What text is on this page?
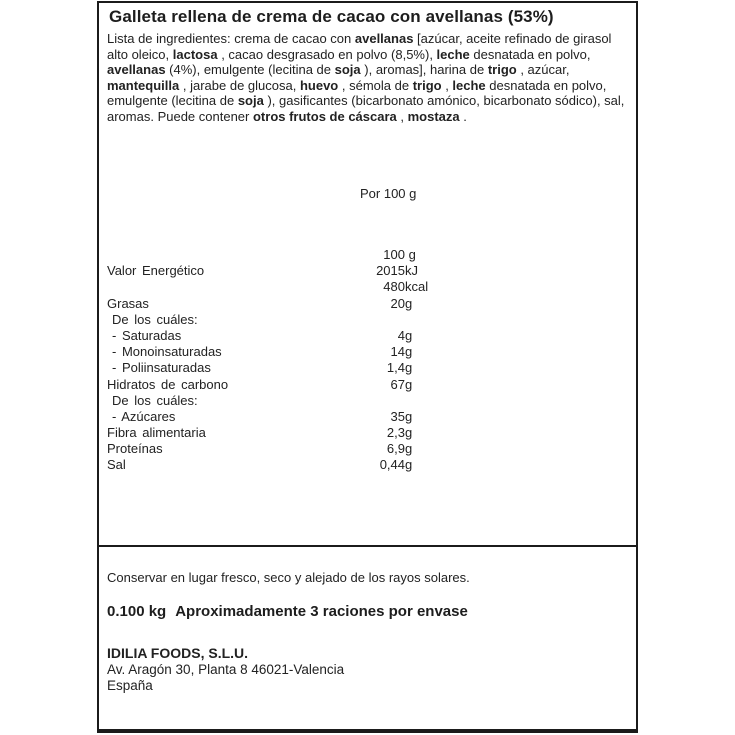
Galleta rellena de crema de cacao con avellanas (53%)

Lista de ingredientes: crema de cacao con avellanas [azúcar, aceite refinado de girasol alto oleico, lactosa , cacao desgrasado en polvo (8,5%), leche desnatada en polvo, avellanas (4%), emulgente (lecitina de soja ), aromas], harina de trigo , azúcar, mantequilla , jarabe de glucosa, huevo , sémola de trigo , leche desnatada en polvo, emulgente (lecitina de soja ), gasificantes (bicarbonato amónico, bicarbonato sódico), sal, aromas. Puede contener otros frutos de cáscara , mostaza .

Por 100 g
100 g
Valor Energético	2015kJ
480kcal
Grasas	20g
De los cuáles:
- Saturadas	4g
- Monoinsaturadas	14g
- Poliinsaturadas	1,4g
Hidratos de carbono	67g
De los cuáles:
- Azúcares	35g
Fibra alimentaria	2,3g
Proteínas	6,9g
Sal	0,44g

Conservar en lugar fresco, seco y alejado de los rayos solares.

0.100 kg Aproximadamente 3 raciones por envase

IDILIA FOODS, S.L.U.
Av. Aragón 30, Planta 8 46021-Valencia
España
